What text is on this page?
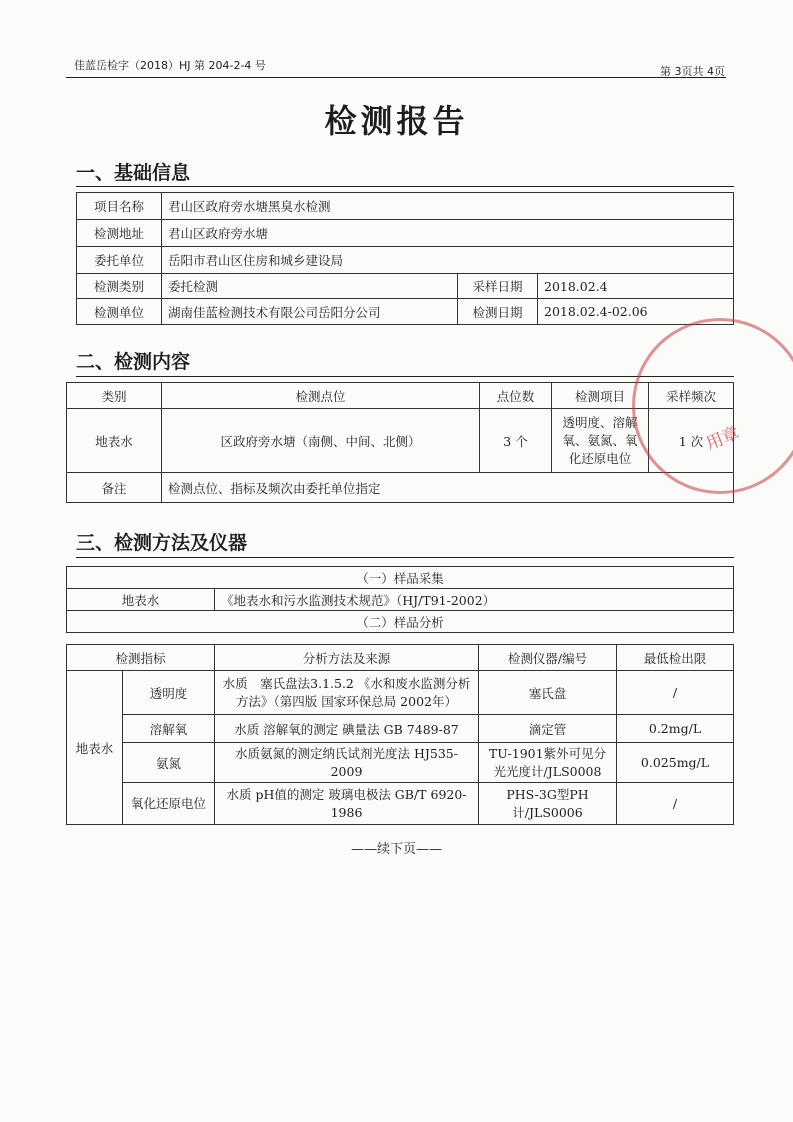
佳蓝岳检字（2018）HJ 第 204-2-4 号	第 3页共 4页
检测报告
一、基础信息
项目名称	君山区政府旁水塘黑臭水检测		
检测地址	君山区政府旁水塘		
委托单位	岳阳市君山区住房和城乡建设局		
检测类别	委托检测	采样日期	2018.02.4
检测单位	湖南佳蓝检测技术有限公司岳阳分公司	检测日期	2018.02.4-02.06
二、检测内容
类别	检测点位	点位数	检测项目	采样频次
地表水	区政府旁水塘（南侧、中间、北侧）	3 个	透明度、溶解氧、氨氮、氧化还原电位	1 次
备注	检测点位、指标及频次由委托单位指定			
三、检测方法及仪器
（一）样品采集
地表水	《地表水和污水监测技术规范》（HJ/T91-2002）
（二）样品分析
检测指标		分析方法及来源	检测仪器/编号	最低检出限
地表水	透明度	水质　塞氏盘法3.1.5.2 《水和废水监测分析方法》（第四版 国家环保总局 2002年）	塞氏盘	/
	溶解氧	水质 溶解氧的测定 碘量法 GB 7489-87	滴定管	0.2mg/L
	氨氮	水质氨氮的测定纳氏试剂光度法 HJ535-2009	TU-1901紫外可见分光光度计/JLS0008	0.025mg/L
	氧化还原电位	水质 pH值的测定 玻璃电极法 GB/T 6920-1986	PHS-3G型PH计/JLS0006	/
——续下页——
用章
